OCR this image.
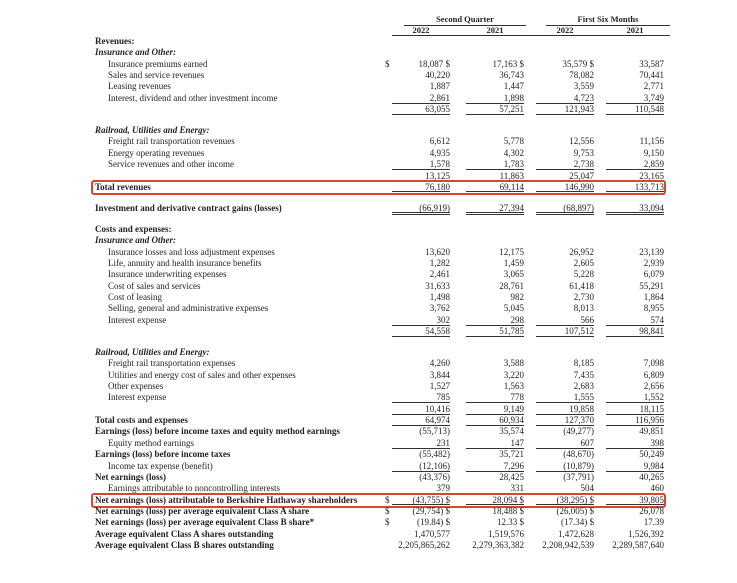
Second Quarter	First Six Months
2022	2021	2022	2021
Revenues:
Insurance and Other:
Insurance premiums earned	$	18,087 $	17,163 $	35,579 $	33,587
Sales and service revenues	40,220	36,743	78,082	70,441
Leasing revenues	1,887	1,447	3,559	2,771
Interest, dividend and other investment income	2,861	1,898	4,723	3,749
63,055	57,251	121,943	110,548
Railroad, Utilities and Energy:
Freight rail transportation revenues	6,612	5,778	12,556	11,156
Energy operating revenues	4,935	4,302	9,753	9,150
Service revenues and other income	1,578	1,783	2,738	2,859
13,125	11,863	25,047	23,165
Total revenues	76,180	69,114	146,990	133,713
Investment and derivative contract gains (losses)	(66,919)	27,394	(68,897)	33,094
Costs and expenses:
Insurance and Other:
Insurance losses and loss adjustment expenses	13,620	12,175	26,952	23,139
Life, annuity and health insurance benefits	1,282	1,459	2,605	2,939
Insurance underwriting expenses	2,461	3,065	5,228	6,079
Cost of sales and services	31,633	28,761	61,418	55,291
Cost of leasing	1,498	982	2,730	1,864
Selling, general and administrative expenses	3,762	5,045	8,013	8,955
Interest expense	302	298	566	574
54,558	51,785	107,512	98,841
Railroad, Utilities and Energy:
Freight rail transportation expenses	4,260	3,588	8,185	7,098
Utilities and energy cost of sales and other expenses	3,844	3,220	7,435	6,809
Other expenses	1,527	1,563	2,683	2,656
Interest expense	785	778	1,555	1,552
10,416	9,149	19,858	18,115
Total costs and expenses	64,974	60,934	127,370	116,956
Earnings (loss) before income taxes and equity method earnings	(55,713)	35,574	(49,277)	49,851
Equity method earnings	231	147	607	398
Earnings (loss) before income taxes	(55,482)	35,721	(48,670)	50,249
Income tax expense (benefit)	(12,106)	7,296	(10,879)	9,984
Net earnings (loss)	(43,376)	28,425	(37,791)	40,265
Earnings attributable to noncontrolling interests	379	331	504	460
Net earnings (loss) attributable to Berkshire Hathaway shareholders	$	(43,755) $	28,094 $	(38,295) $	39,805
Net earnings (loss) per average equivalent Class A share	$	(29,754) $	18,488 $	(26,005) $	26,078
Net earnings (loss) per average equivalent Class B share*	$	(19.84) $	12.33 $	(17.34) $	17.39
Average equivalent Class A shares outstanding	1,470,577	1,519,576	1,472,628	1,526,392
Average equivalent Class B shares outstanding	2,205,865,262	2,279,363,382	2,208,942,539	2,289,587,640
